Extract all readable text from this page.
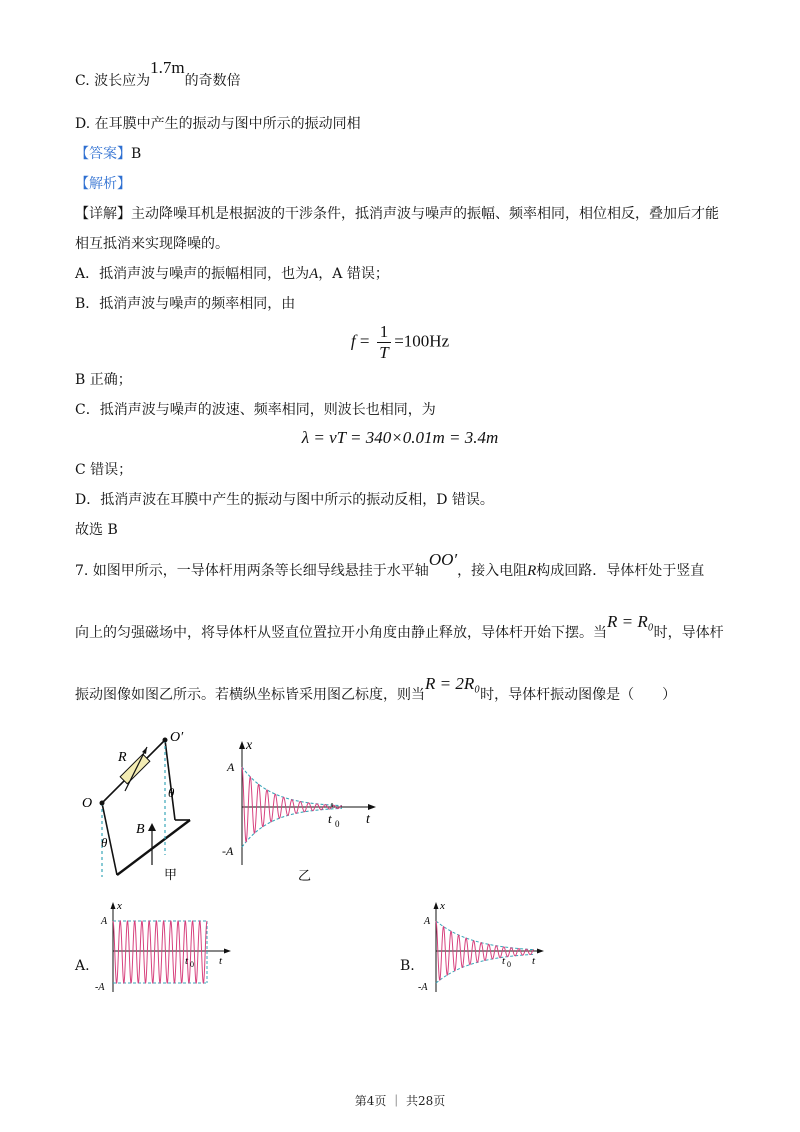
C. 波长应为1.7m的奇数倍
D. 在耳膜中产生的振动与图中所示的振动同相
【答案】B
【解析】
【详解】主动降噪耳机是根据波的干涉条件，抵消声波与噪声的振幅、频率相同，相位相反，叠加后才能
相互抵消来实现降噪的。
A．抵消声波与噪声的振幅相同，也为A，A 错误；
B．抵消声波与噪声的频率相同，由
$f = \frac{1}{T} =100Hz$
B 正确；
C．抵消声波与噪声的波速、频率相同，则波长也相同，为
λ = vT = 340×0.01m = 3.4m
C 错误；
D．抵消声波在耳膜中产生的振动与图中所示的振动反相，D 错误。
故选 B
7. 如图甲所示，一导体杆用两条等长细导线悬挂于水平轴OO′，接入电阻R构成回路．导体杆处于竖直
向上的匀强磁场中，将导体杆从竖直位置拉开小角度由静止释放，导体杆开始下摆。当R = R₀时，导体杆
振动图像如图乙所示。若横纵坐标皆采用图乙标度，则当R = 2R₀时，导体杆振动图像是（　　）
R
O
O′
θ
θ
B
甲
x
t
A
-A
t 0
乙
A.
x
t
A
-A
t 0	B.
x
t
A
-A
t 0
第4页 ｜ 共28页
